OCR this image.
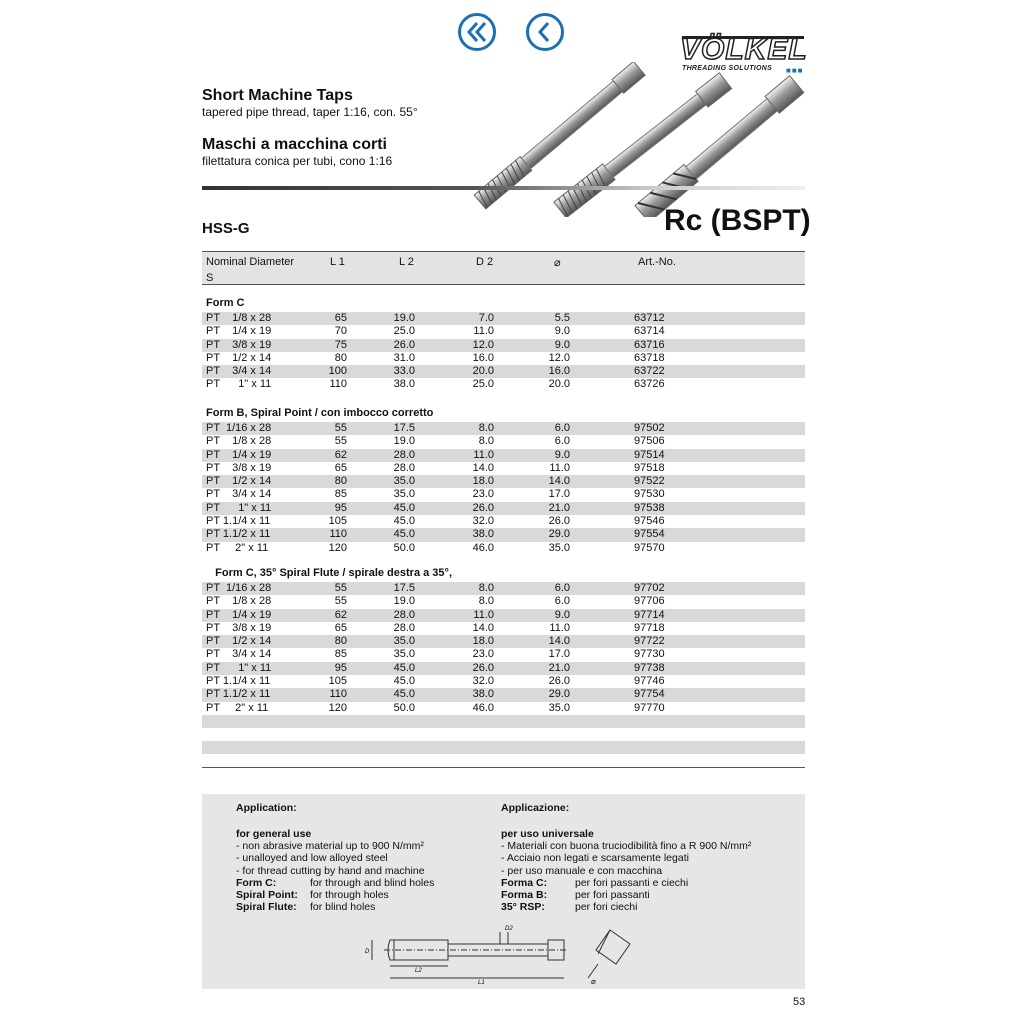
VÖLKEL
THREADING SOLUTIONS ■■■
Short Machine Taps
tapered pipe thread, taper 1:16, con. 55°
Maschi a macchina corti
filettatura conica per tubi, cono 1:16
HSS-G	Rc (BSPT)
Nominal Diameter
S
L 1	L 2	D 2	⌀	Art.-No.
Form C
PT    1/8 x 28	65	19.0	7.0	5.5	63712
PT    1/4 x 19	70	25.0	11.0	9.0	63714
PT    3/8 x 19	75	26.0	12.0	9.0	63716
PT    1/2 x 14	80	31.0	16.0	12.0	63718
PT    3/4 x 14	100	33.0	20.0	16.0	63722
PT      1" x 11	110	38.0	25.0	20.0	63726
Form B, Spiral Point / con imbocco corretto
PT  1/16 x 28	55	17.5	8.0	6.0	97502
PT    1/8 x 28	55	19.0	8.0	6.0	97506
PT    1/4 x 19	62	28.0	11.0	9.0	97514
PT    3/8 x 19	65	28.0	14.0	11.0	97518
PT    1/2 x 14	80	35.0	18.0	14.0	97522
PT    3/4 x 14	85	35.0	23.0	17.0	97530
PT      1" x 11	95	45.0	26.0	21.0	97538
PT 1.1/4 x 11	105	45.0	32.0	26.0	97546
PT 1.1/2 x 11	110	45.0	38.0	29.0	97554
PT     2" x 11	120	50.0	46.0	35.0	97570
Form C, 35° Spiral Flute / spirale destra a 35°,
PT  1/16 x 28	55	17.5	8.0	6.0	97702
PT    1/8 x 28	55	19.0	8.0	6.0	97706
PT    1/4 x 19	62	28.0	11.0	9.0	97714
PT    3/8 x 19	65	28.0	14.0	11.0	97718
PT    1/2 x 14	80	35.0	18.0	14.0	97722
PT    3/4 x 14	85	35.0	23.0	17.0	97730
PT      1" x 11	95	45.0	26.0	21.0	97738
PT 1.1/4 x 11	105	45.0	32.0	26.0	97746
PT 1.1/2 x 11	110	45.0	38.0	29.0	97754
PT     2" x 11	120	50.0	46.0	35.0	97770
Application:
for general use
- non abrasive material up to 900 N/mm²
- unalloyed and low alloyed steel
- for thread cutting by hand and machine
Form C:	for through and blind holes
Spiral Point:	for through holes
Spiral Flute:	for blind holes
Applicazione:
per uso universale
- Materiali con buona truciodibilità fino a R 900 N/mm²
- Acciaio non legati e scarsamente legati
- per uso manuale e con macchina
Forma C:	per fori passanti e ciechi
Forma B:	per fori passanti
35° RSP:	per fori ciechi
D2
L2
L1
D
⌀
53
